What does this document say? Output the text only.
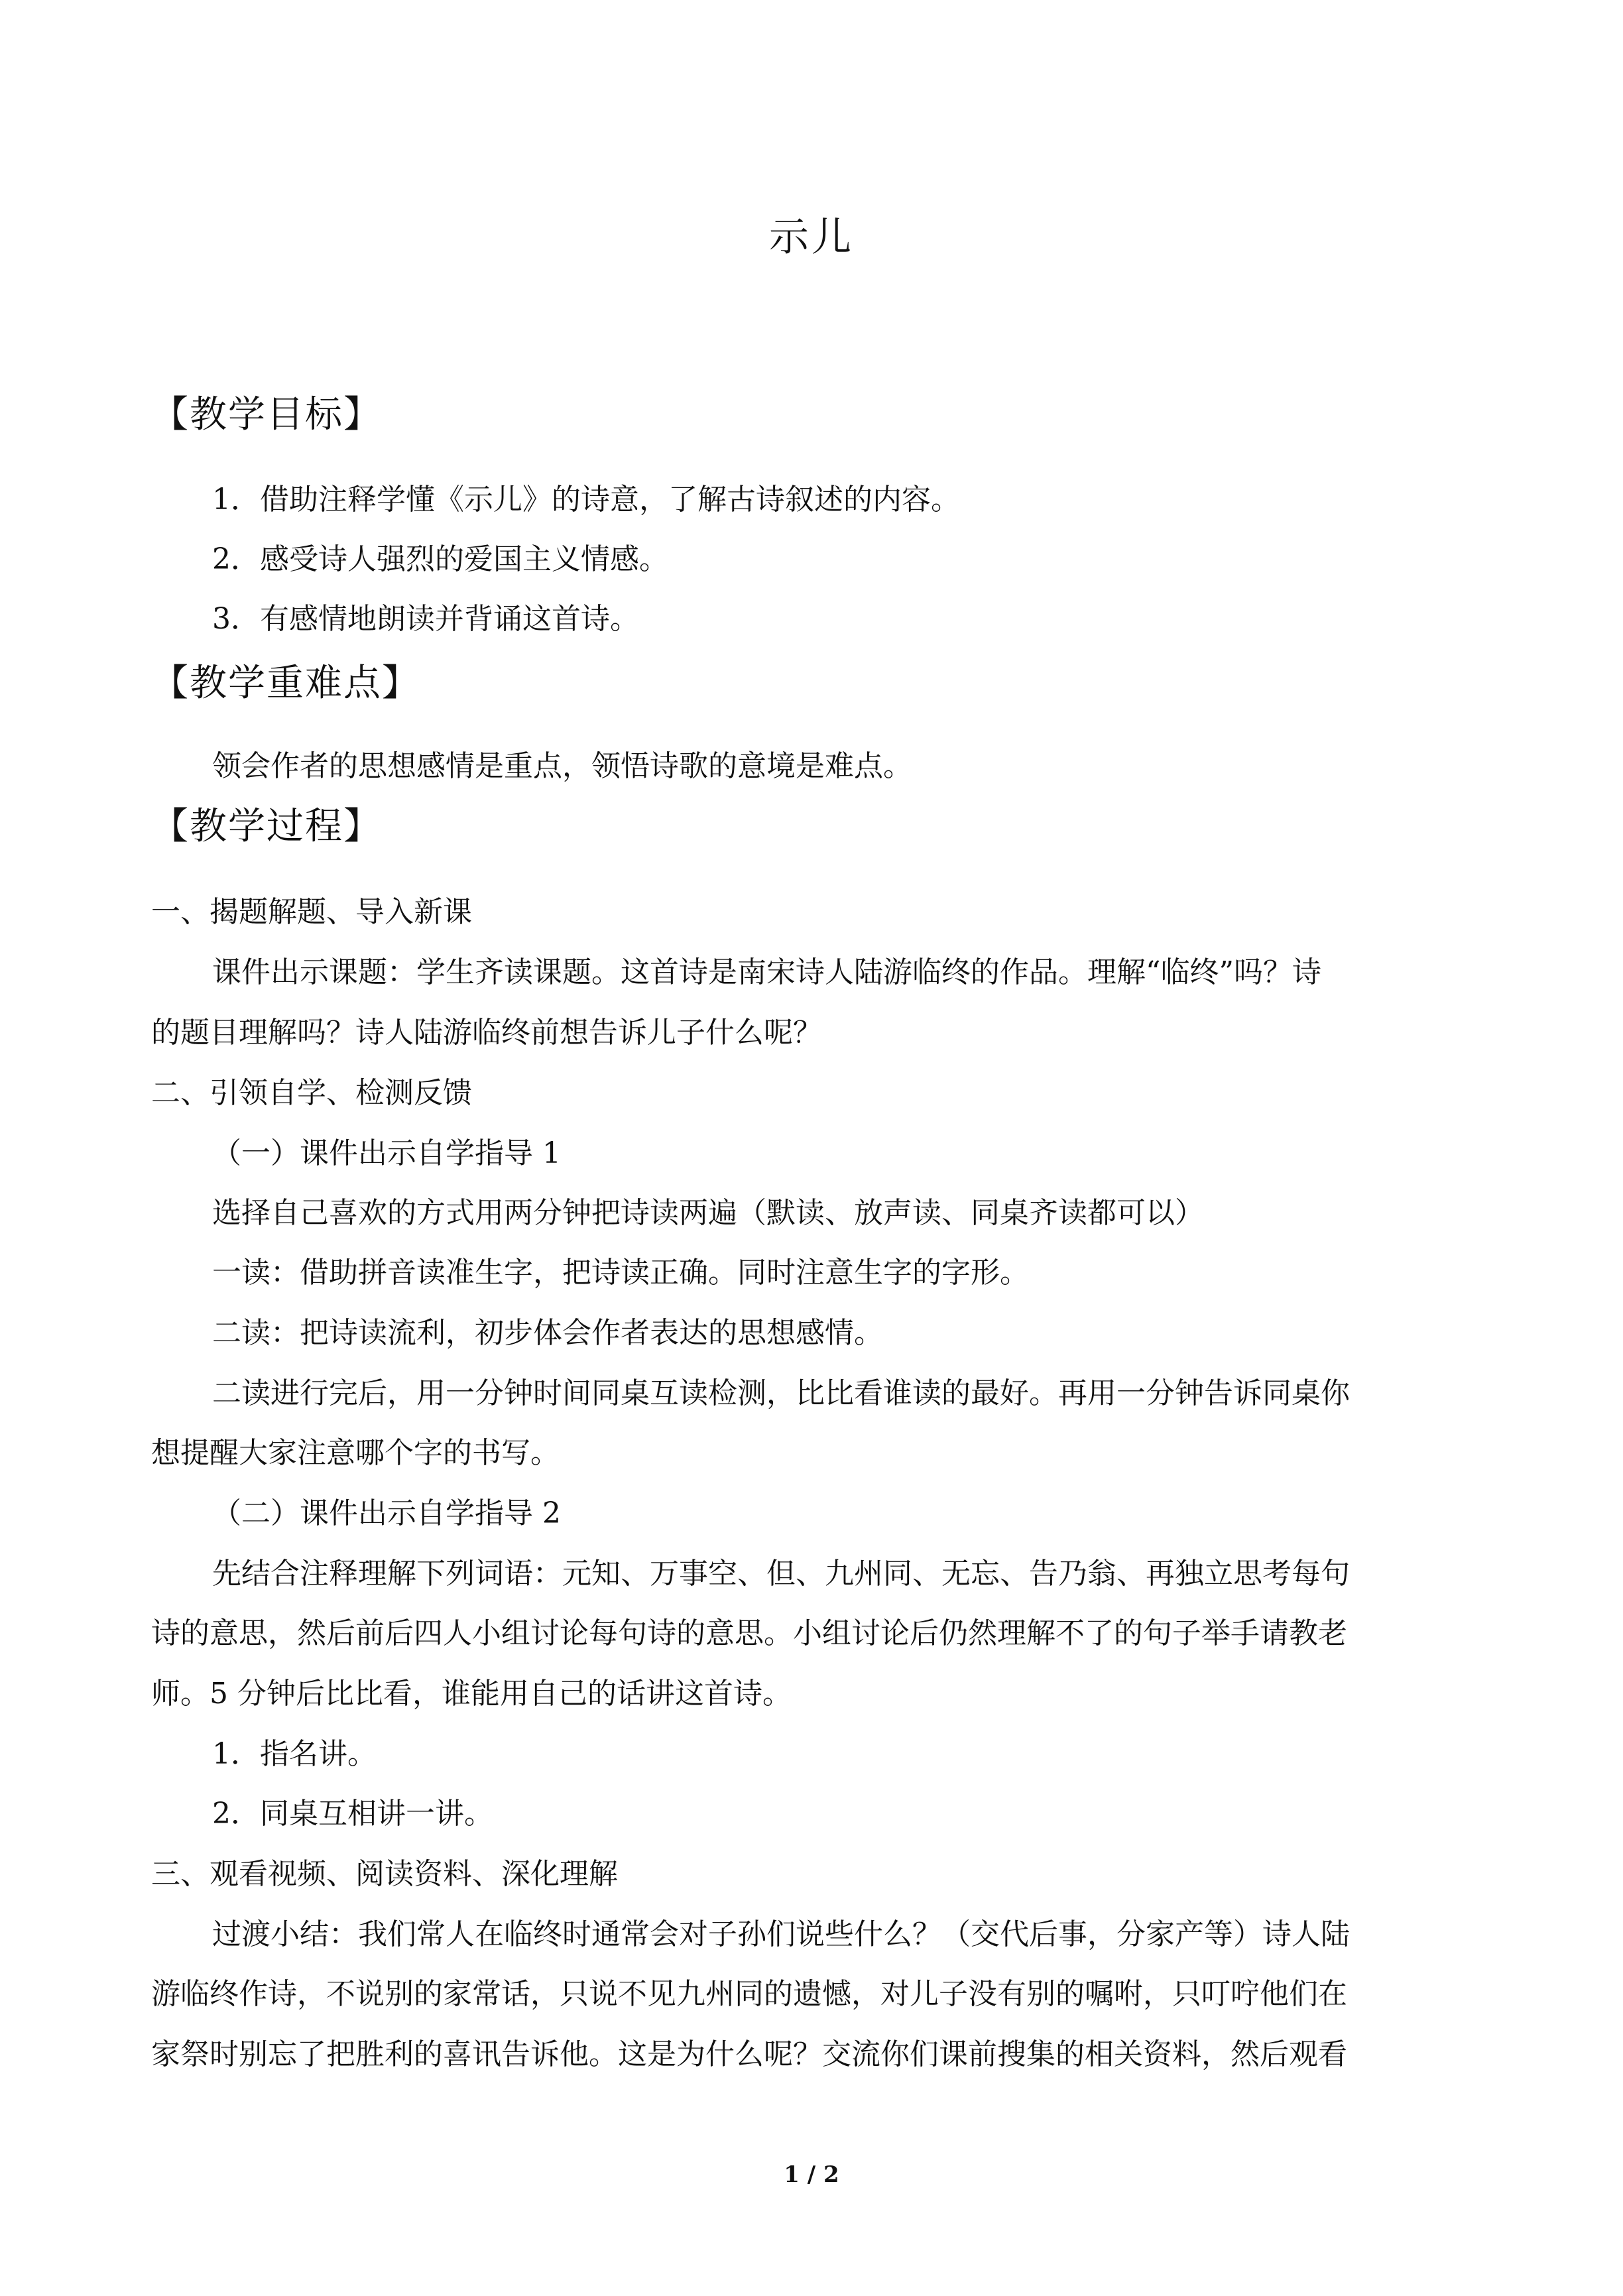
示儿
【教学目标】
1．借助注释学懂《示儿》的诗意，了解古诗叙述的内容。
2．感受诗人强烈的爱国主义情感。
3．有感情地朗读并背诵这首诗。
【教学重难点】
领会作者的思想感情是重点，领悟诗歌的意境是难点。
【教学过程】
一、揭题解题、导入新课
课件出示课题：学生齐读课题。这首诗是南宋诗人陆游临终的作品。理解“临终”吗？诗
的题目理解吗？诗人陆游临终前想告诉儿子什么呢？
二、引领自学、检测反馈
（一）课件出示自学指导 1
选择自己喜欢的方式用两分钟把诗读两遍（默读、放声读、同桌齐读都可以）
一读：借助拼音读准生字，把诗读正确。同时注意生字的字形。
二读：把诗读流利，初步体会作者表达的思想感情。
二读进行完后，用一分钟时间同桌互读检测，比比看谁读的最好。再用一分钟告诉同桌你
想提醒大家注意哪个字的书写。
（二）课件出示自学指导 2
先结合注释理解下列词语：元知、万事空、但、九州同、无忘、告乃翁、再独立思考每句
诗的意思，然后前后四人小组讨论每句诗的意思。小组讨论后仍然理解不了的句子举手请教老
师。5 分钟后比比看，谁能用自己的话讲这首诗。
1．指名讲。
2．同桌互相讲一讲。
三、观看视频、阅读资料、深化理解
过渡小结：我们常人在临终时通常会对子孙们说些什么？（交代后事，分家产等）诗人陆
游临终作诗，不说别的家常话，只说不见九州同的遗憾，对儿子没有别的嘱咐，只叮咛他们在
家祭时别忘了把胜利的喜讯告诉他。这是为什么呢？交流你们课前搜集的相关资料，然后观看
1 / 2
